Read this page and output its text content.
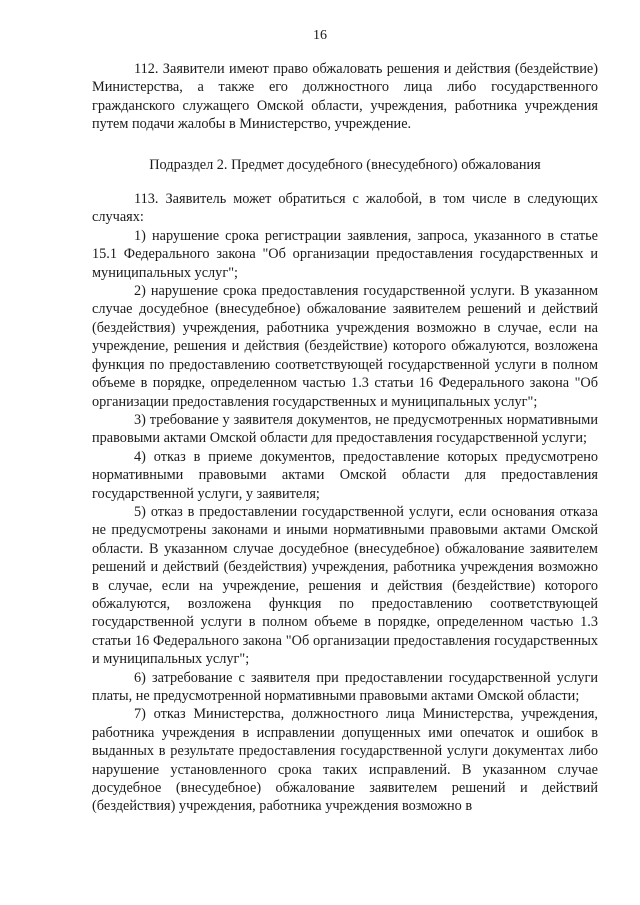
16

112. Заявители имеют право обжаловать решения и действия (бездействие) Министерства, а также его должностного лица либо государственного гражданского служащего Омской области, учреждения, работника учреждения путем подачи жалобы в Министерство, учреждение.

Подраздел 2. Предмет досудебного (внесудебного) обжалования

113. Заявитель может обратиться с жалобой, в том числе в следующих случаях:

1) нарушение срока регистрации заявления, запроса, указанного в статье 15.1 Федерального закона "Об организации предоставления государственных и муниципальных услуг";

2) нарушение срока предоставления государственной услуги. В указанном случае досудебное (внесудебное) обжалование заявителем решений и действий (бездействия) учреждения, работника учреждения возможно в случае, если на учреждение, решения и действия (бездействие) которого обжалуются, возложена функция по предоставлению соответствующей государственной услуги в полном объеме в порядке, определенном частью 1.3 статьи 16 Федерального закона "Об организации предоставления государственных и муниципальных услуг";

3) требование у заявителя документов, не предусмотренных нормативными правовыми актами Омской области для предоставления государственной услуги;

4) отказ в приеме документов, предоставление которых предусмотрено нормативными правовыми актами Омской области для предоставления государственной услуги, у заявителя;

5) отказ в предоставлении государственной услуги, если основания отказа не предусмотрены законами и иными нормативными правовыми актами Омской области. В указанном случае досудебное (внесудебное) обжалование заявителем решений и действий (бездействия) учреждения, работника учреждения возможно в случае, если на учреждение, решения и действия (бездействие) которого обжалуются, возложена функция по предоставлению соответствующей государственной услуги в полном объеме в порядке, определенном частью 1.3 статьи 16 Федерального закона "Об организации предоставления государственных и муниципальных услуг";

6) затребование с заявителя при предоставлении государственной услуги платы, не предусмотренной нормативными правовыми актами Омской области;

7) отказ Министерства, должностного лица Министерства, учреждения, работника учреждения в исправлении допущенных ими опечаток и ошибок в выданных в результате предоставления государственной услуги документах либо нарушение установленного срока таких исправлений. В указанном случае досудебное (внесудебное) обжалование заявителем решений и действий (бездействия) учреждения, работника учреждения возможно в
